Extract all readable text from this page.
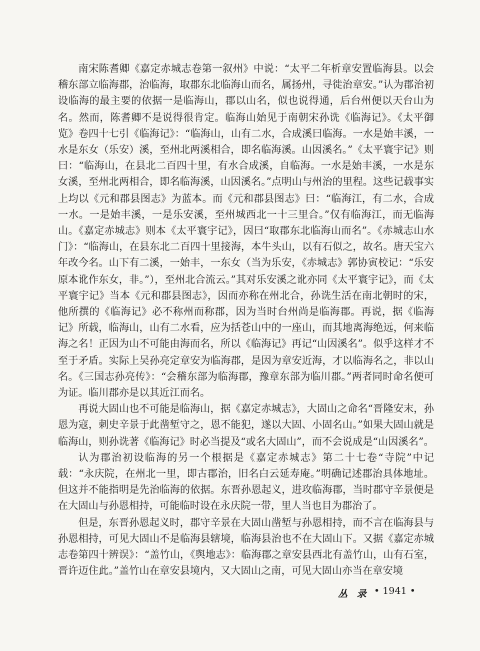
南宋陈耆卿《嘉定赤城志卷第一叙州》中说：“太平二年析章安置临海县。以会稽东部立临海郡，治临海，取郡东北临海山而名，属扬州，寻徙治章安。”认为郡治初设临海的最主要的依据一是临海山，郡以山名，似也说得通，后台州便以天台山为名。然而，陈耆卿不是说得很肯定。临海山始见于南朝宋孙诜《临海记》。《太平御览》卷四十七引《临海记》：“临海山，山有二水，合成溪曰临海。一水是始丰溪，一水是东女（乐安）溪，至州北两溪相合，即名临海溪。山因溪名。”《太平寰宇记》则曰：“临海山，在县北二百四十里，有水合成溪，自临海。一水是始丰溪，一水是东女溪，至州北两相合，即名临海溪，山因溪名。”点明山与州治的里程。这些记载事实上均以《元和郡县图志》为蓝本。而《元和郡县图志》曰：“临海江，有二水，合成一水。一是始丰溪，一是乐安溪，至州城西北一十三里合。”仅有临海江，而无临海山。《嘉定赤城志》则本《太平寰宇记》，因曰“取郡东北临海山而名”。《赤城志山水门》：“临海山，在县东北二百四十里接海，本牛头山，以有石似之，故名。唐天宝六年改今名。山下有二溪，一始丰，一东女（当为乐安，《赤城志》郭协寅校记：“乐安原本讹作东女，非。”），至州北合流云。”其对乐安溪之讹亦同《太平寰宇记》，而《太平寰宇记》当本《元和郡县图志》，因而亦称在州北合，孙诜生活在南北朝时的宋，他所撰的《临海记》必不称州而称郡，因为当时台州尚是临海郡。再说，据《临海记》所载，临海山，山有二水看，应为括苍山中的一座山，而其地离海绝远，何来临海之名！正因为山不可能由海而名，所以《临海记》再记“山因溪名”。似乎这样才不至于矛盾。实际上吴孙亮定章安为临海郡，是因为章安近海，才以临海名之，非以山名。《三国志孙亮传》：“会稽东部为临海郡，豫章东部为临川郡。”两者同时命名便可为证。临川郡亦是以其近江而名。

再说大固山也不可能是临海山，据《嘉定赤城志》，大固山之命名“晋隆安末，孙恩为寇，刺史辛景于此凿堑守之，恩不能犯，遂以大固、小固名山。”如果大固山就是临海山，则孙诜著《临海记》时必当提及“或名大固山”，而不会说成是“山因溪名”。

认为郡治初设临海的另一个根据是《嘉定赤城志》第二十七卷“寺院”中记载：“永庆院，在州北一里，即古郡治，旧名白云延寿庵。”明确记述郡治具体地址。但这并不能指明是先治临海的依据。东晋孙恩起义，进攻临海郡，当时郡守辛景便是在大固山与孙恩相持，可能临时设在永庆院一带，里人当也目为郡治了。

但是，东晋孙恩起义时，郡守辛景在大固山凿堑与孙恩相持，而不言在临海县与孙恩相持，可见大固山不是临海县辖境，临海县治也不在大固山下。又据《嘉定赤城志卷第四十辨误》：“盖竹山，《舆地志》：临海郡之章安县西北有盖竹山，山有石室，晋许迈住此。”盖竹山在章安县境内，又大固山之南，可见大固山亦当在章安境

丛 录 • 1941 •
